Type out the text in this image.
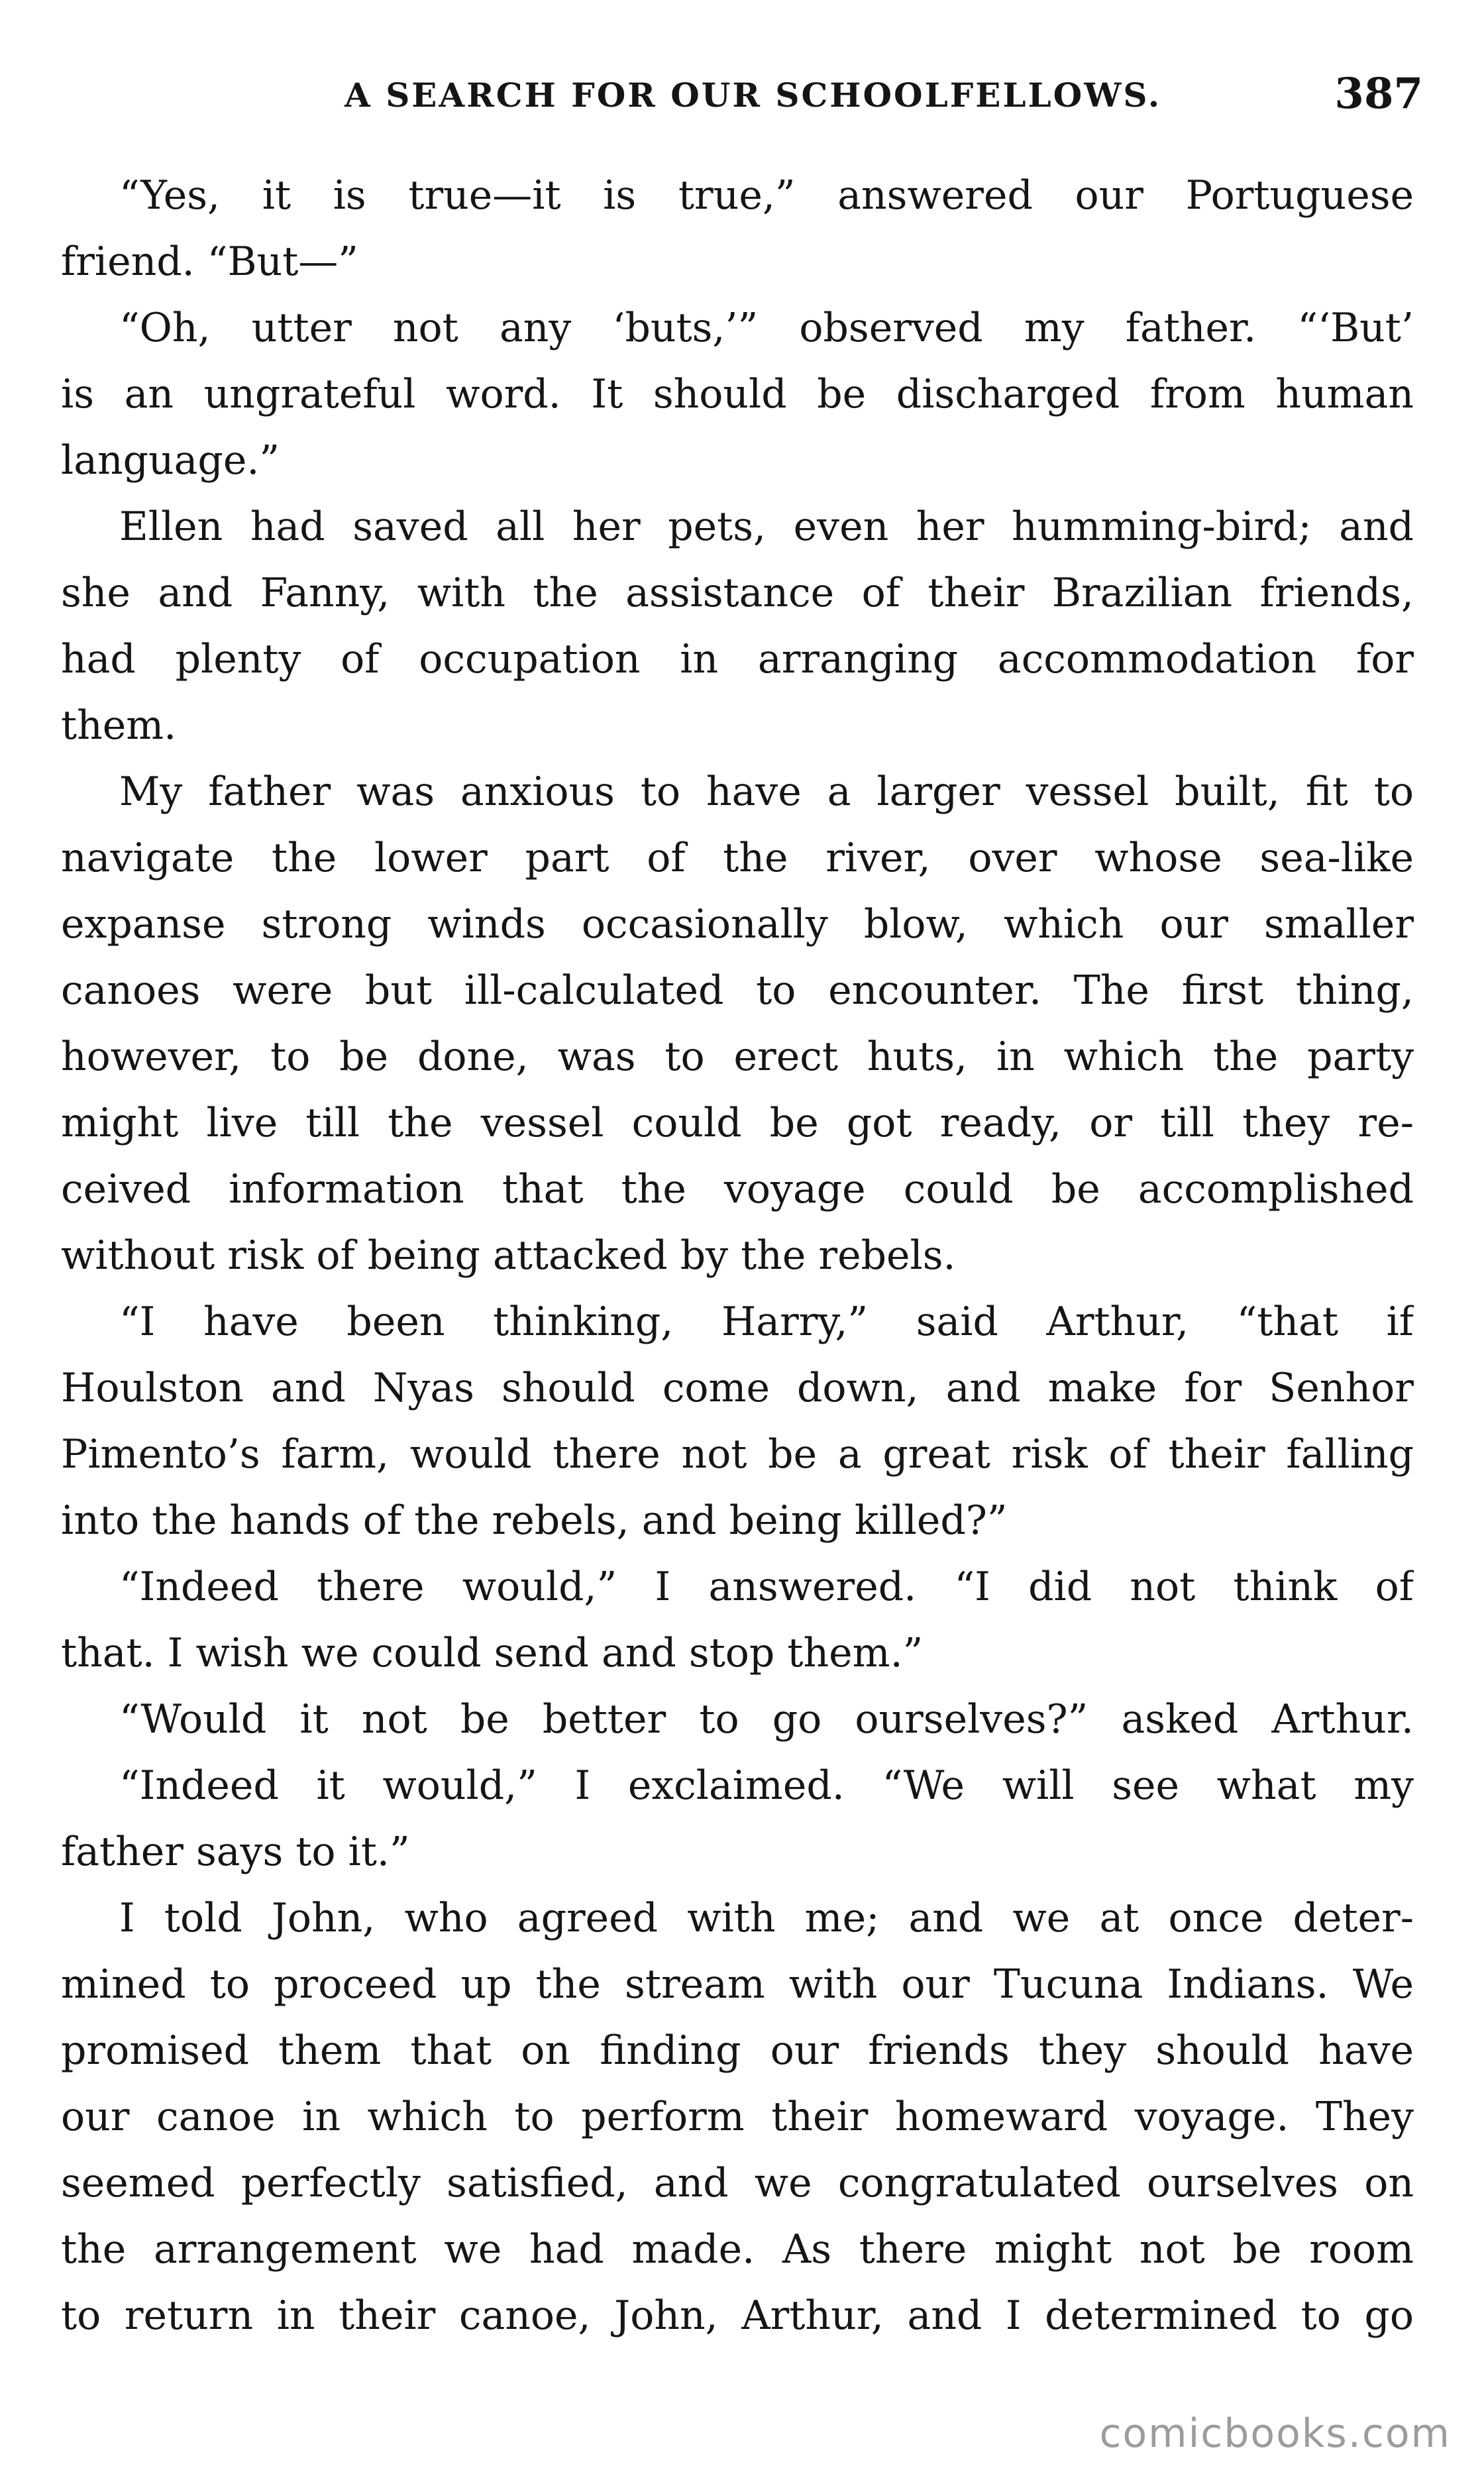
A SEARCH FOR OUR SCHOOLFELLOWS.	387
“Yes, it is true—it is true,” answered our Portuguese
friend. “But—”
“Oh, utter not any ‘buts,’” observed my father. “‘But’
is an ungrateful word. It should be discharged from human
language.”
Ellen had saved all her pets, even her humming-bird; and
she and Fanny, with the assistance of their Brazilian friends,
had plenty of occupation in arranging accommodation for
them.
My father was anxious to have a larger vessel built, fit to
navigate the lower part of the river, over whose sea-like
expanse strong winds occasionally blow, which our smaller
canoes were but ill-calculated to encounter. The first thing,
however, to be done, was to erect huts, in which the party
might live till the vessel could be got ready, or till they re-
ceived information that the voyage could be accomplished
without risk of being attacked by the rebels.
“I have been thinking, Harry,” said Arthur, “that if
Houlston and Nyas should come down, and make for Senhor
Pimento’s farm, would there not be a great risk of their falling
into the hands of the rebels, and being killed?”
“Indeed there would,” I answered. “I did not think of
that. I wish we could send and stop them.”
“Would it not be better to go ourselves?” asked Arthur.
“Indeed it would,” I exclaimed. “We will see what my
father says to it.”
I told John, who agreed with me; and we at once deter-
mined to proceed up the stream with our Tucuna Indians. We
promised them that on finding our friends they should have
our canoe in which to perform their homeward voyage. They
seemed perfectly satisfied, and we congratulated ourselves on
the arrangement we had made. As there might not be room
to return in their canoe, John, Arthur, and I determined to go
comicbooks.com
